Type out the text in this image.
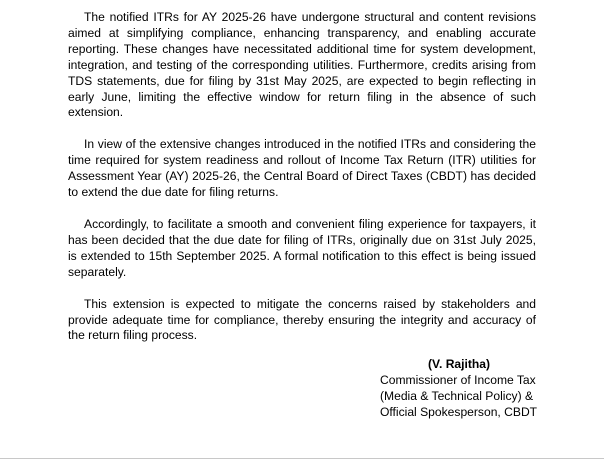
The notified ITRs for AY 2025-26 have undergone structural and content revisions aimed at simplifying compliance, enhancing transparency, and enabling accurate reporting. These changes have necessitated additional time for system development, integration, and testing of the corresponding utilities. Furthermore, credits arising from TDS statements, due for filing by 31st May 2025, are expected to begin reflecting in early June, limiting the effective window for return filing in the absence of such extension.

In view of the extensive changes introduced in the notified ITRs and considering the time required for system readiness and rollout of Income Tax Return (ITR) utilities for Assessment Year (AY) 2025-26, the Central Board of Direct Taxes (CBDT) has decided to extend the due date for filing returns.

Accordingly, to facilitate a smooth and convenient filing experience for taxpayers, it has been decided that the due date for filing of ITRs, originally due on 31st July 2025, is extended to 15th September 2025. A formal notification to this effect is being issued separately.

This extension is expected to mitigate the concerns raised by stakeholders and provide adequate time for compliance, thereby ensuring the integrity and accuracy of the return filing process.

(V. Rajitha)
Commissioner of Income Tax
(Media & Technical Policy) &
Official Spokesperson, CBDT
